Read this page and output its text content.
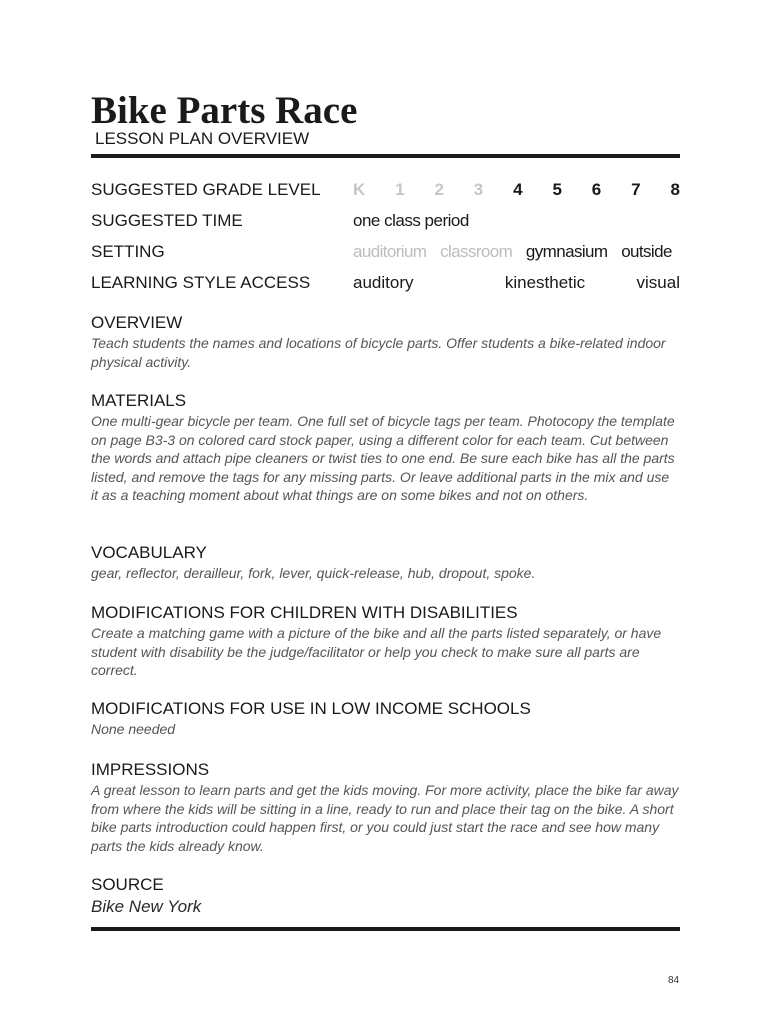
Bike Parts Race
LESSON PLAN OVERVIEW
SUGGESTED GRADE LEVEL K 1 2 3 4 5 6 7 8
SUGGESTED TIME	one class period
SETTING	auditorium classroom gymnasium outside
LEARNING STYLE ACCESS	auditory	kinesthetic	visual
OVERVIEW

Teach students the names and locations of bicycle parts. Offer students a bike-related indoor physical activity.

MATERIALS

One multi-gear bicycle per team. One full set of bicycle tags per team. Photocopy the template on page B3-3 on colored card stock paper, using a different color for each team. Cut between the words and attach pipe cleaners or twist ties to one end. Be sure each bike has all the parts listed, and remove the tags for any missing parts. Or leave additional parts in the mix and use it as a teaching moment about what things are on some bikes and not on others.

VOCABULARY

gear, reflector, derailleur, fork, lever, quick-release, hub, dropout, spoke.

MODIFICATIONS FOR CHILDREN WITH DISABILITIES

Create a matching game with a picture of the bike and all the parts listed separately, or have student with disability be the judge/facilitator or help you check to make sure all parts are correct.

MODIFICATIONS FOR USE IN LOW INCOME SCHOOLS

None needed

IMPRESSIONS

A great lesson to learn parts and get the kids moving. For more activity, place the bike far away from where the kids will be sitting in a line, ready to run and place their tag on the bike. A short bike parts introduction could happen first, or you could just start the race and see how many parts the kids already know.

SOURCE

Bike New York

84
